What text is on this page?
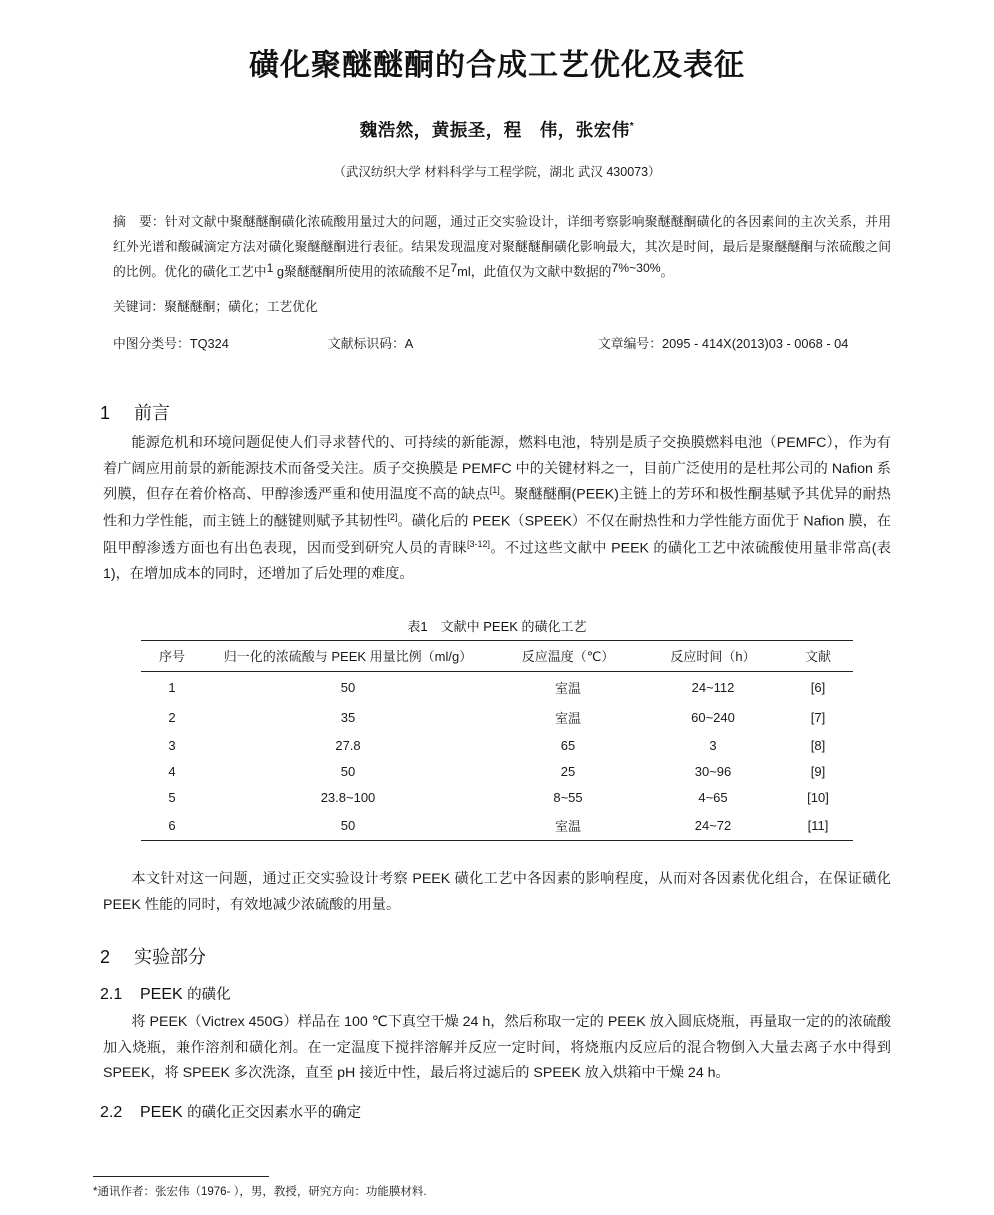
磺化聚醚醚酮的合成工艺优化及表征
魏浩然，黄振圣，程　伟，张宏伟*
（武汉纺织大学 材料科学与工程学院，湖北 武汉 430073）

摘　要：针对文献中聚醚醚酮磺化浓硫酸用量过大的问题，通过正交实验设计，详细考察影响聚醚醚酮磺化的各因素间的主次关系，并用红外光谱和酸碱滴定方法对磺化聚醚醚酮进行表征。结果发现温度对聚醚醚酮磺化影响最大，其次是时间，最后是聚醚醚酮与浓硫酸之间的比例。优化的磺化工艺中1 g聚醚醚酮所使用的浓硫酸不足7ml，此值仅为文献中数据的7%~30%。

关键词：聚醚醚酮；磺化；工艺优化

中图分类号：TQ324	文献标识码：A	文章编号：2095 - 414X(2013)03 - 0068 - 04
1 前言

能源危机和环境问题促使人们寻求替代的、可持续的新能源，燃料电池，特别是质子交换膜燃料电池（PEMFC），作为有着广阔应用前景的新能源技术而备受关注。质子交换膜是 PEMFC 中的关键材料之一，目前广泛使用的是杜邦公司的 Nafion 系列膜，但存在着价格高、甲醇渗透严重和使用温度不高的缺点[1]。聚醚醚酮(PEEK)主链上的芳环和极性酮基赋予其优异的耐热性和力学性能，而主链上的醚键则赋予其韧性[2]。磺化后的 PEEK（SPEEK）不仅在耐热性和力学性能方面优于 Nafion 膜，在阻甲醇渗透方面也有出色表现，因而受到研究人员的青睐[3-12]。不过这些文献中 PEEK 的磺化工艺中浓硫酸使用量非常高(表 1)，在增加成本的同时，还增加了后处理的难度。

表1　文献中 PEEK 的磺化工艺
序号	归一化的浓硫酸与 PEEK 用量比例（ml/g）	反应温度（℃）	反应时间（h）	文献
1	50	室温	24~112	[6]
2	35	室温	60~240	[7]
3	27.8	65	3	[8]
4	50	25	30~96	[9]
5	23.8~100	8~55	4~65	[10]
6	50	室温	24~72	[11]

本文针对这一问题，通过正交实验设计考察 PEEK 磺化工艺中各因素的影响程度，从而对各因素优化组合，在保证磺化 PEEK 性能的同时，有效地减少浓硫酸的用量。

2 实验部分
2.1 PEEK 的磺化

将 PEEK（Victrex 450G）样品在 100 ℃下真空干燥 24 h，然后称取一定的 PEEK 放入圆底烧瓶，再量取一定的的浓硫酸加入烧瓶，兼作溶剂和磺化剂。在一定温度下搅拌溶解并反应一定时间，将烧瓶内反应后的混合物倒入大量去离子水中得到 SPEEK，将 SPEEK 多次洗涤，直至 pH 接近中性，最后将过滤后的 SPEEK 放入烘箱中干燥 24 h。

2.2 PEEK 的磺化正交因素水平的确定
*通讯作者：张宏伟（1976- ），男，教授，研究方向：功能膜材料.
